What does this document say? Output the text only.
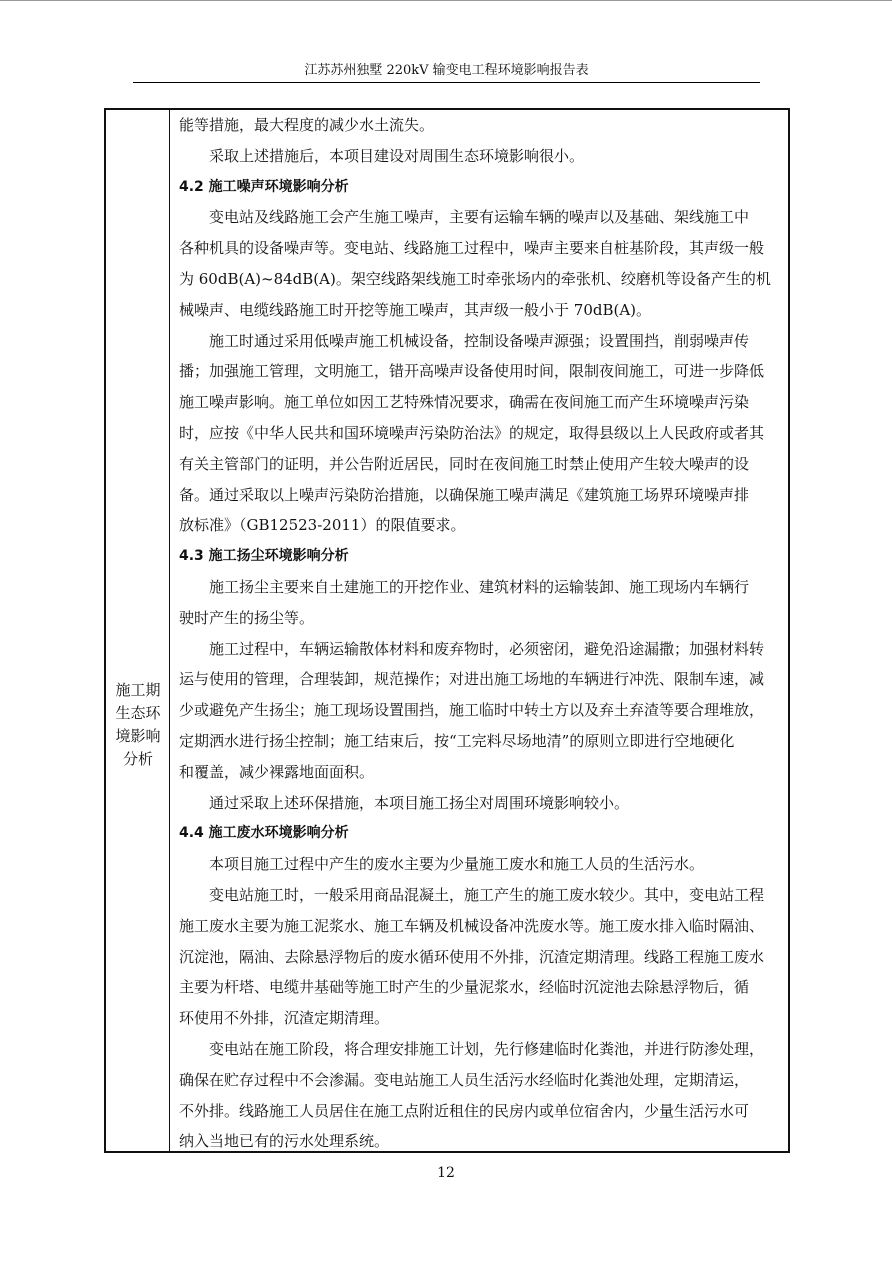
江苏苏州独墅 220kV 输变电工程环境影响报告表
施工期
生态环
境影响
分析

能等措施，最大程度的减少水土流失。

采取上述措施后，本项目建设对周围生态环境影响很小。

4.2 施工噪声环境影响分析

变电站及线路施工会产生施工噪声，主要有运输车辆的噪声以及基础、架线施工中

各种机具的设备噪声等。变电站、线路施工过程中，噪声主要来自桩基阶段，其声级一般

为 60dB(A)~84dB(A)。架空线路架线施工时牵张场内的牵张机、绞磨机等设备产生的机

械噪声、电缆线路施工时开挖等施工噪声，其声级一般小于 70dB(A)。

施工时通过采用低噪声施工机械设备，控制设备噪声源强；设置围挡，削弱噪声传

播；加强施工管理，文明施工，错开高噪声设备使用时间，限制夜间施工，可进一步降低

施工噪声影响。施工单位如因工艺特殊情况要求，确需在夜间施工而产生环境噪声污染

时，应按《中华人民共和国环境噪声污染防治法》的规定，取得县级以上人民政府或者其

有关主管部门的证明，并公告附近居民，同时在夜间施工时禁止使用产生较大噪声的设

备。通过采取以上噪声污染防治措施，以确保施工噪声满足《建筑施工场界环境噪声排

放标准》（GB12523-2011）的限值要求。

4.3 施工扬尘环境影响分析

施工扬尘主要来自土建施工的开挖作业、建筑材料的运输装卸、施工现场内车辆行

驶时产生的扬尘等。

施工过程中，车辆运输散体材料和废弃物时，必须密闭，避免沿途漏撒；加强材料转

运与使用的管理，合理装卸，规范操作；对进出施工场地的车辆进行冲洗、限制车速，减

少或避免产生扬尘；施工现场设置围挡，施工临时中转土方以及弃土弃渣等要合理堆放，

定期洒水进行扬尘控制；施工结束后，按“工完料尽场地清”的原则立即进行空地硬化

和覆盖，减少裸露地面面积。

通过采取上述环保措施，本项目施工扬尘对周围环境影响较小。

4.4 施工废水环境影响分析

本项目施工过程中产生的废水主要为少量施工废水和施工人员的生活污水。

变电站施工时，一般采用商品混凝土，施工产生的施工废水较少。其中，变电站工程

施工废水主要为施工泥浆水、施工车辆及机械设备冲洗废水等。施工废水排入临时隔油、

沉淀池，隔油、去除悬浮物后的废水循环使用不外排，沉渣定期清理。线路工程施工废水

主要为杆塔、电缆井基础等施工时产生的少量泥浆水，经临时沉淀池去除悬浮物后，循

环使用不外排，沉渣定期清理。

变电站在施工阶段，将合理安排施工计划，先行修建临时化粪池，并进行防渗处理，

确保在贮存过程中不会渗漏。变电站施工人员生活污水经临时化粪池处理，定期清运，

不外排。线路施工人员居住在施工点附近租住的民房内或单位宿舍内，少量生活污水可

纳入当地已有的污水处理系统。

12
